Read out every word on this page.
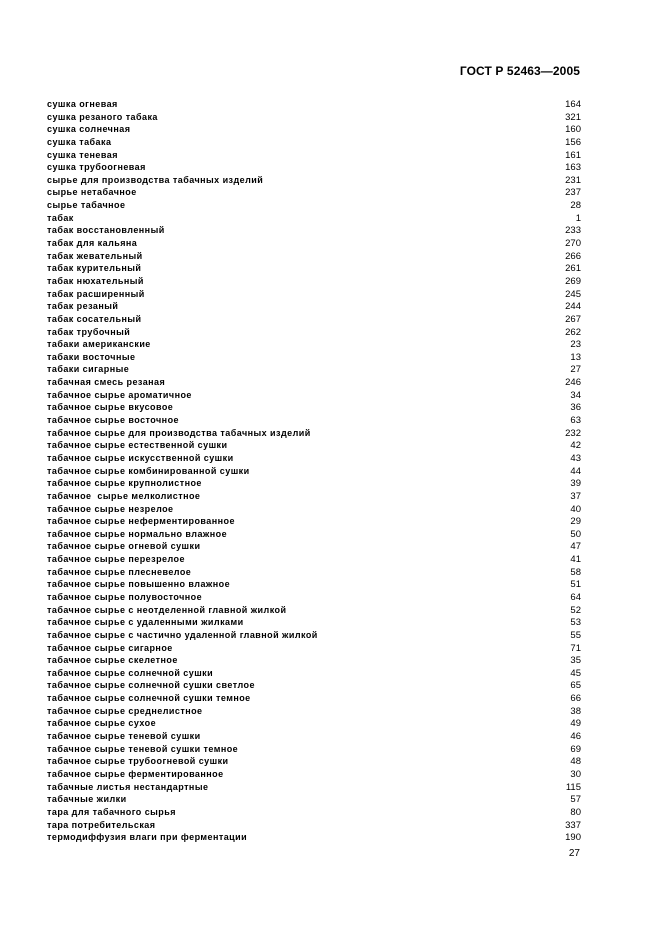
ГОСТ Р 52463—2005
сушка огневая	164
сушка резаного табака	321
сушка солнечная	160
сушка табака	156
сушка теневая	161
сушка трубоогневая	163
сырье для производства табачных изделий	231
сырье нетабачное	237
сырье табачное	28
табак	1
табак восстановленный	233
табак для кальяна	270
табак жевательный	266
табак курительный	261
табак нюхательный	269
табак расширенный	245
табак резаный	244
табак сосательный	267
табак трубочный	262
табаки американские	23
табаки восточные	13
табаки сигарные	27
табачная смесь резаная	246
табачное сырье ароматичное	34
табачное сырье вкусовое	36
табачное сырье восточное	63
табачное сырье для производства табачных изделий	232
табачное сырье естественной сушки	42
табачное сырье искусственной сушки	43
табачное сырье комбинированной сушки	44
табачное сырье крупнолистное	39
табачное  сырье мелколистное	37
табачное сырье незрелое	40
табачное сырье неферментированное	29
табачное сырье нормально влажное	50
табачное сырье огневой сушки	47
табачное сырье перезрелое	41
табачное сырье плесневелое	58
табачное сырье повышенно влажное	51
табачное сырье полувосточное	64
табачное сырье с неотделенной главной жилкой	52
табачное сырье с удаленными жилками	53
табачное сырье с частично удаленной главной жилкой	55
табачное сырье сигарное	71
табачное сырье скелетное	35
табачное сырье солнечной сушки	45
табачное сырье солнечной сушки светлое	65
табачное сырье солнечной сушки темное	66
табачное сырье среднелистное	38
табачное сырье сухое	49
табачное сырье теневой сушки	46
табачное сырье теневой сушки темное	69
табачное сырье трубоогневой сушки	48
табачное сырье ферментированное	30
табачные листья нестандартные	115
табачные жилки	57
тара для табачного сырья	80
тара потребительская	337
термодиффузия влаги при ферментации	190
27
